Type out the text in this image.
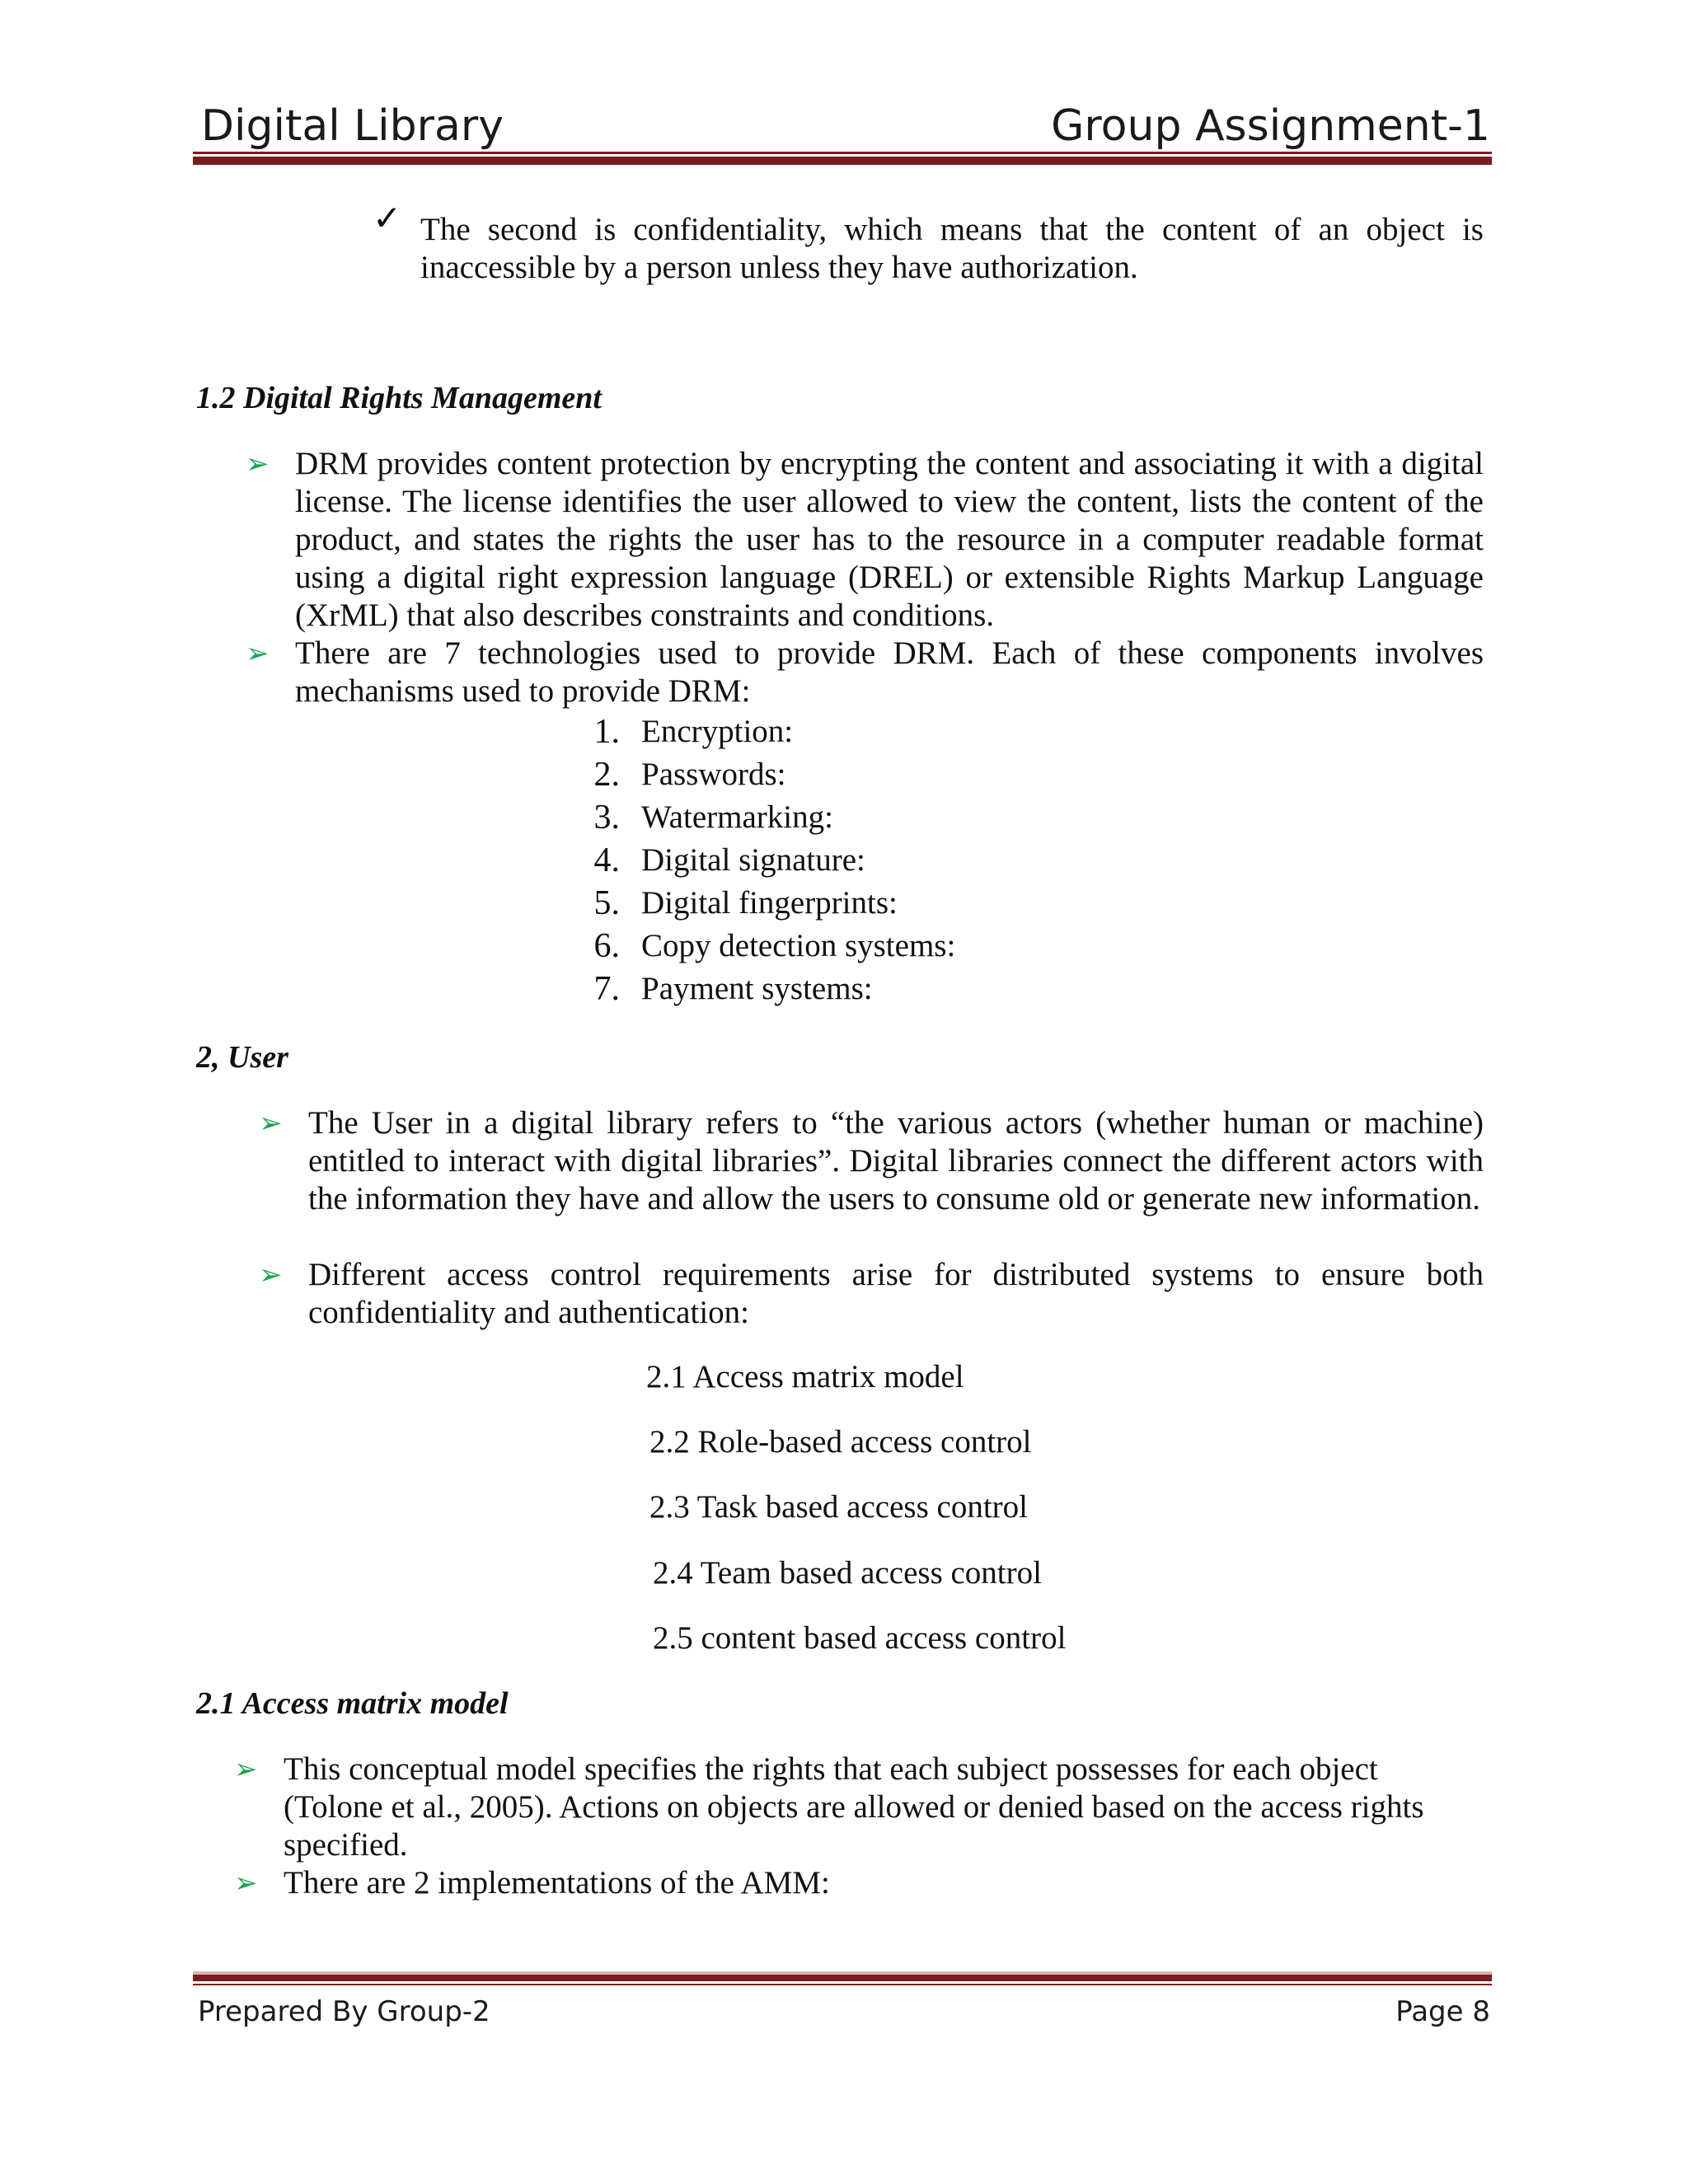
Digital Library	Group Assignment-1
✓ The second is confidentiality, which means that the content of an object is inaccessible by a person unless they have authorization.
1.2 Digital Rights Management
➢ DRM provides content protection by encrypting the content and associating it with a digital license. The license identifies the user allowed to view the content, lists the content of the product, and states the rights the user has to the resource in a computer readable format using a digital right expression language (DREL) or extensible Rights Markup Language (XrML) that also describes constraints and conditions.
➢ There are 7 technologies used to provide DRM. Each of these components involves mechanisms used to provide DRM:
1. Encryption:
2. Passwords:
3. Watermarking:
4. Digital signature:
5. Digital fingerprints:
6. Copy detection systems:
7. Payment systems:
2, User
➢ The User in a digital library refers to “the various actors (whether human or machine) entitled to interact with digital libraries”. Digital libraries connect the different actors with the information they have and allow the users to consume old or generate new information.
➢ Different access control requirements arise for distributed systems to ensure both confidentiality and authentication:
2.1 Access matrix model
2.2 Role-based access control
2.3 Task based access control
2.4 Team based access control
2.5 content based access control
2.1 Access matrix model
➢ This conceptual model specifies the rights that each subject possesses for each object (Tolone et al., 2005). Actions on objects are allowed or denied based on the access rights specified.
➢ There are 2 implementations of the AMM:
Prepared By Group-2	Page 8
